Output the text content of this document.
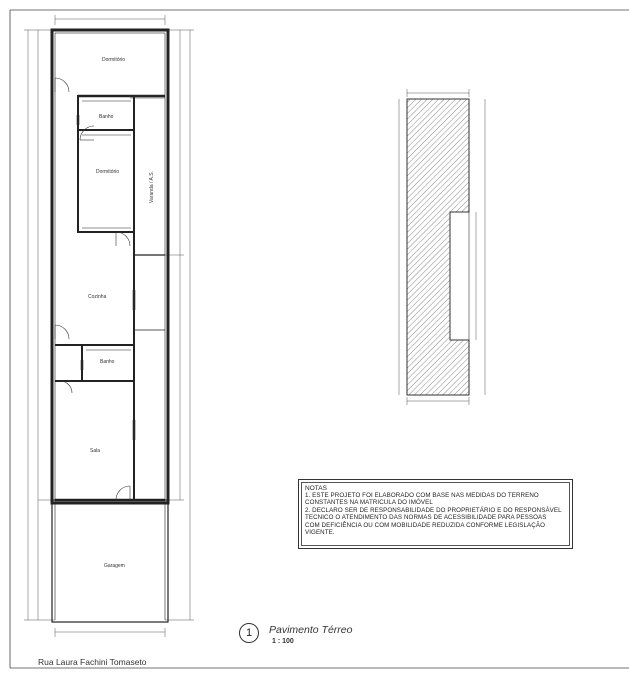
Dormitório
Banho
Dormitório	Varanda / A.S.
Cozinha
Banho
Sala
Garagem
NOTAS
1. ESTE PROJETO FOI ELABORADO COM BASE NAS MEDIDAS DO TERRENO
CONSTANTES NA MATRICULA DO IMÓVEL
2. DECLARO SER DE RESPONSABILIDADE DO PROPRIETÁRIO E DO RESPONSÁVEL
TECNICO O ATENDIMENTO DAS NORMAS DE ACESSIBILIDADE PARA PESSOAS
COM DEFICIÊNCIA OU COM MOBILIDADE REDUZIDA CONFORME LEGISLAÇÃO
VIGENTE.
1	Pavimento Térreo
1 : 100
Rua Laura Fachini Tomaseto
